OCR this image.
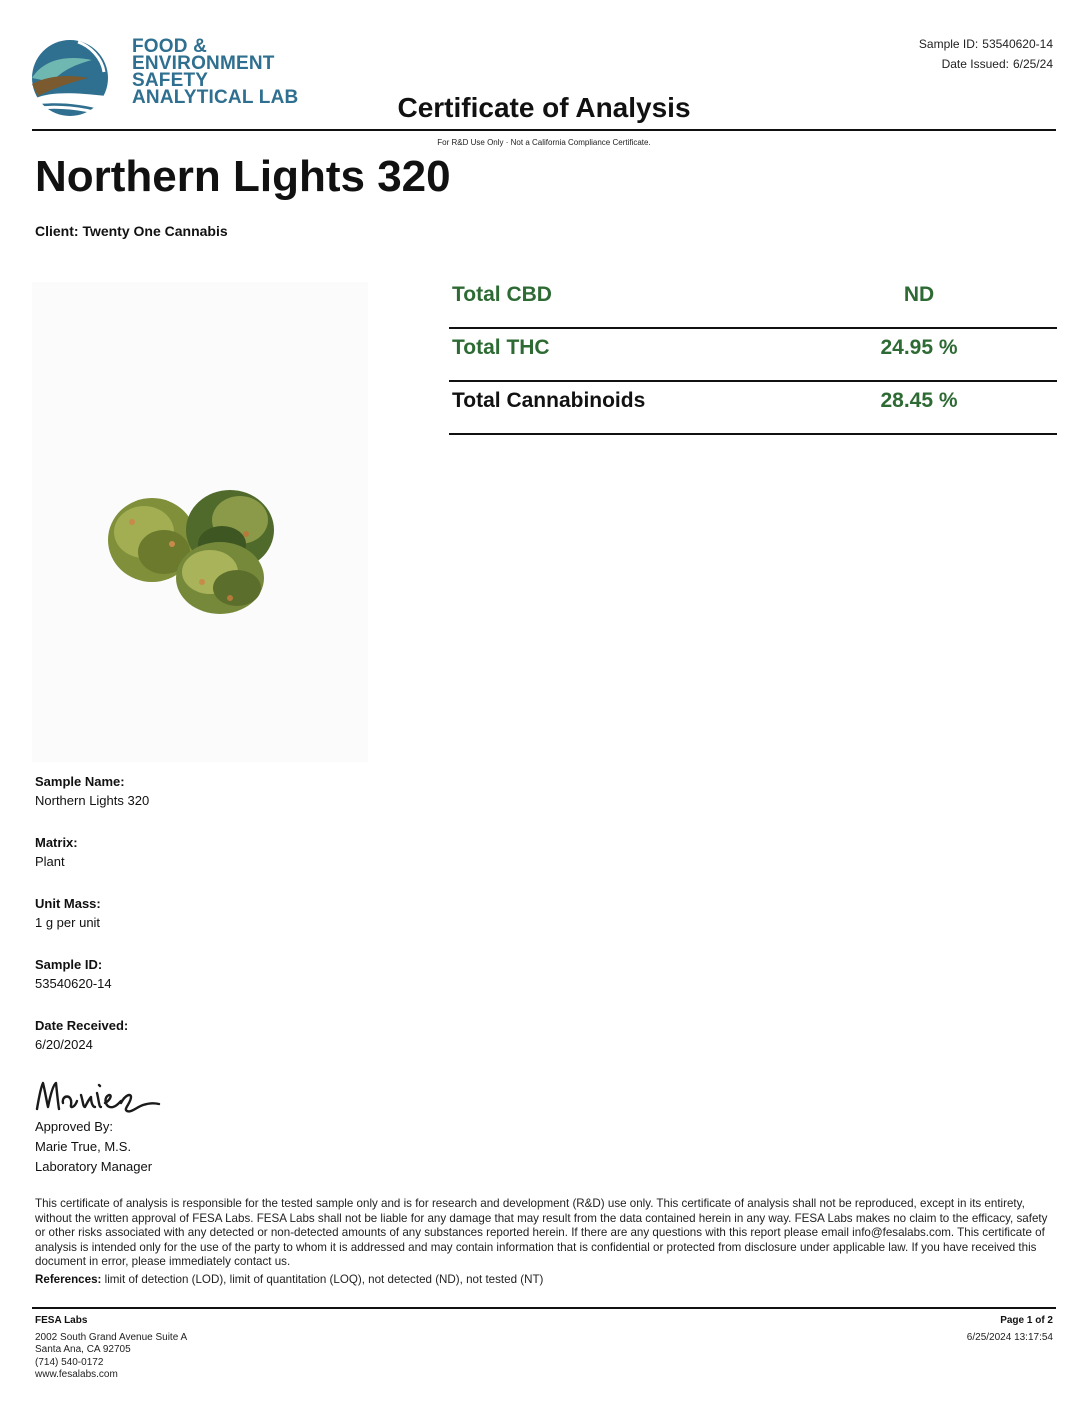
FOOD &
ENVIRONMENT
SAFETY
ANALYTICAL LAB
Sample ID: 53540620-14
Date Issued: 6/25/24
Certificate of Analysis
For R&D Use Only · Not a California Compliance Certificate.
Northern Lights 320
Client: Twenty One Cannabis
Total CBD	ND
Total THC	24.95 %
Total Cannabinoids	28.45 %
Sample Name:
Northern Lights 320
Matrix:
Plant
Unit Mass:
1 g per unit
Sample ID:
53540620-14
Date Received:
6/20/2024
Approved By:
Marie True, M.S.
Laboratory Manager
This certificate of analysis is responsible for the tested sample only and is for research and development (R&D) use only. This certificate of analysis shall not be reproduced, except in its entirety, without the written approval of FESA Labs. FESA Labs shall not be liable for any damage that may result from the data contained herein in any way. FESA Labs makes no claim to the efficacy, safety or other risks associated with any detected or non-detected amounts of any substances reported herein. If there are any questions with this report please email info@fesalabs.com. This certificate of analysis is intended only for the use of the party to whom it is addressed and may contain information that is confidential or protected from disclosure under applicable law. If you have received this document in error, please immediately contact us.
References: limit of detection (LOD), limit of quantitation (LOQ), not detected (ND), not tested (NT)
FESA Labs
2002 South Grand Avenue Suite A
Santa Ana, CA 92705
(714) 540-0172
www.fesalabs.com
Page 1 of 2
6/25/2024 13:17:54
